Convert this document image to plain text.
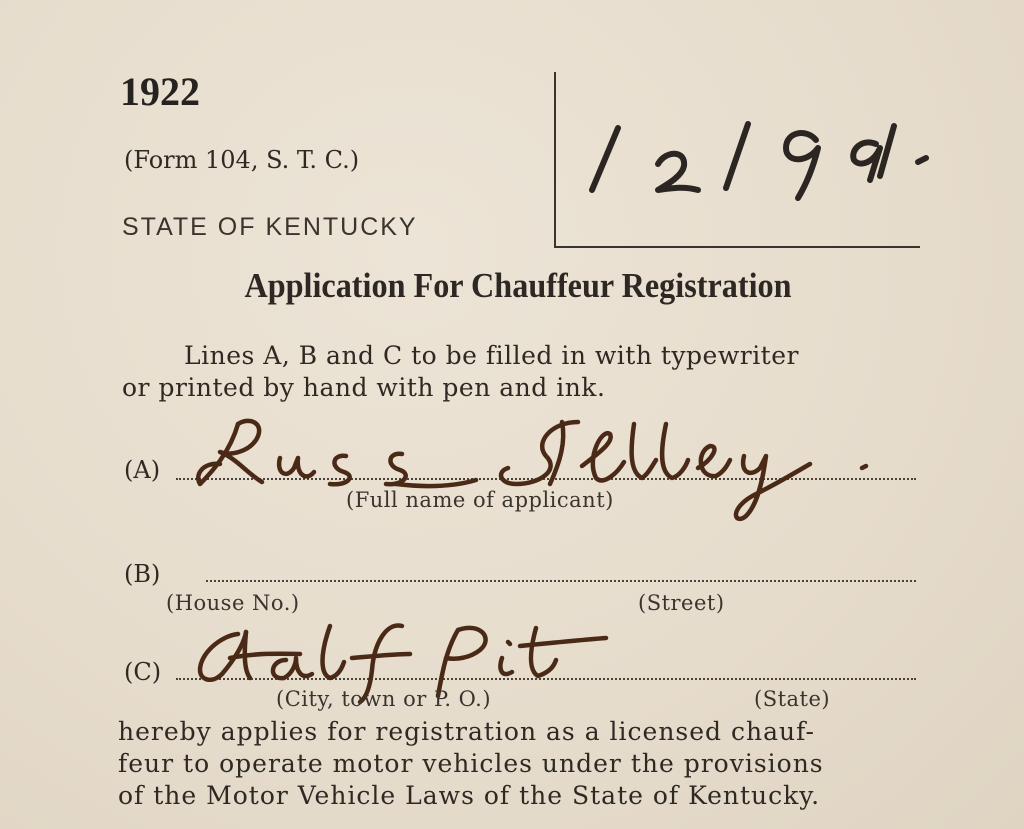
1922
(Form 104, S. T. C.)
STATE OF KENTUCKY
Application For Chauffeur Registration
Lines A, B and C to be filled in with typewriter
or printed by hand with pen and ink.
(A)
(Full name of applicant)
(B)
(House No.)	(Street)
(C)
(City, town or P. O.)	(State)
hereby applies for registration as a licensed chauf-
feur to operate motor vehicles under the provisions
of the Motor Vehicle Laws of the State of Kentucky.
